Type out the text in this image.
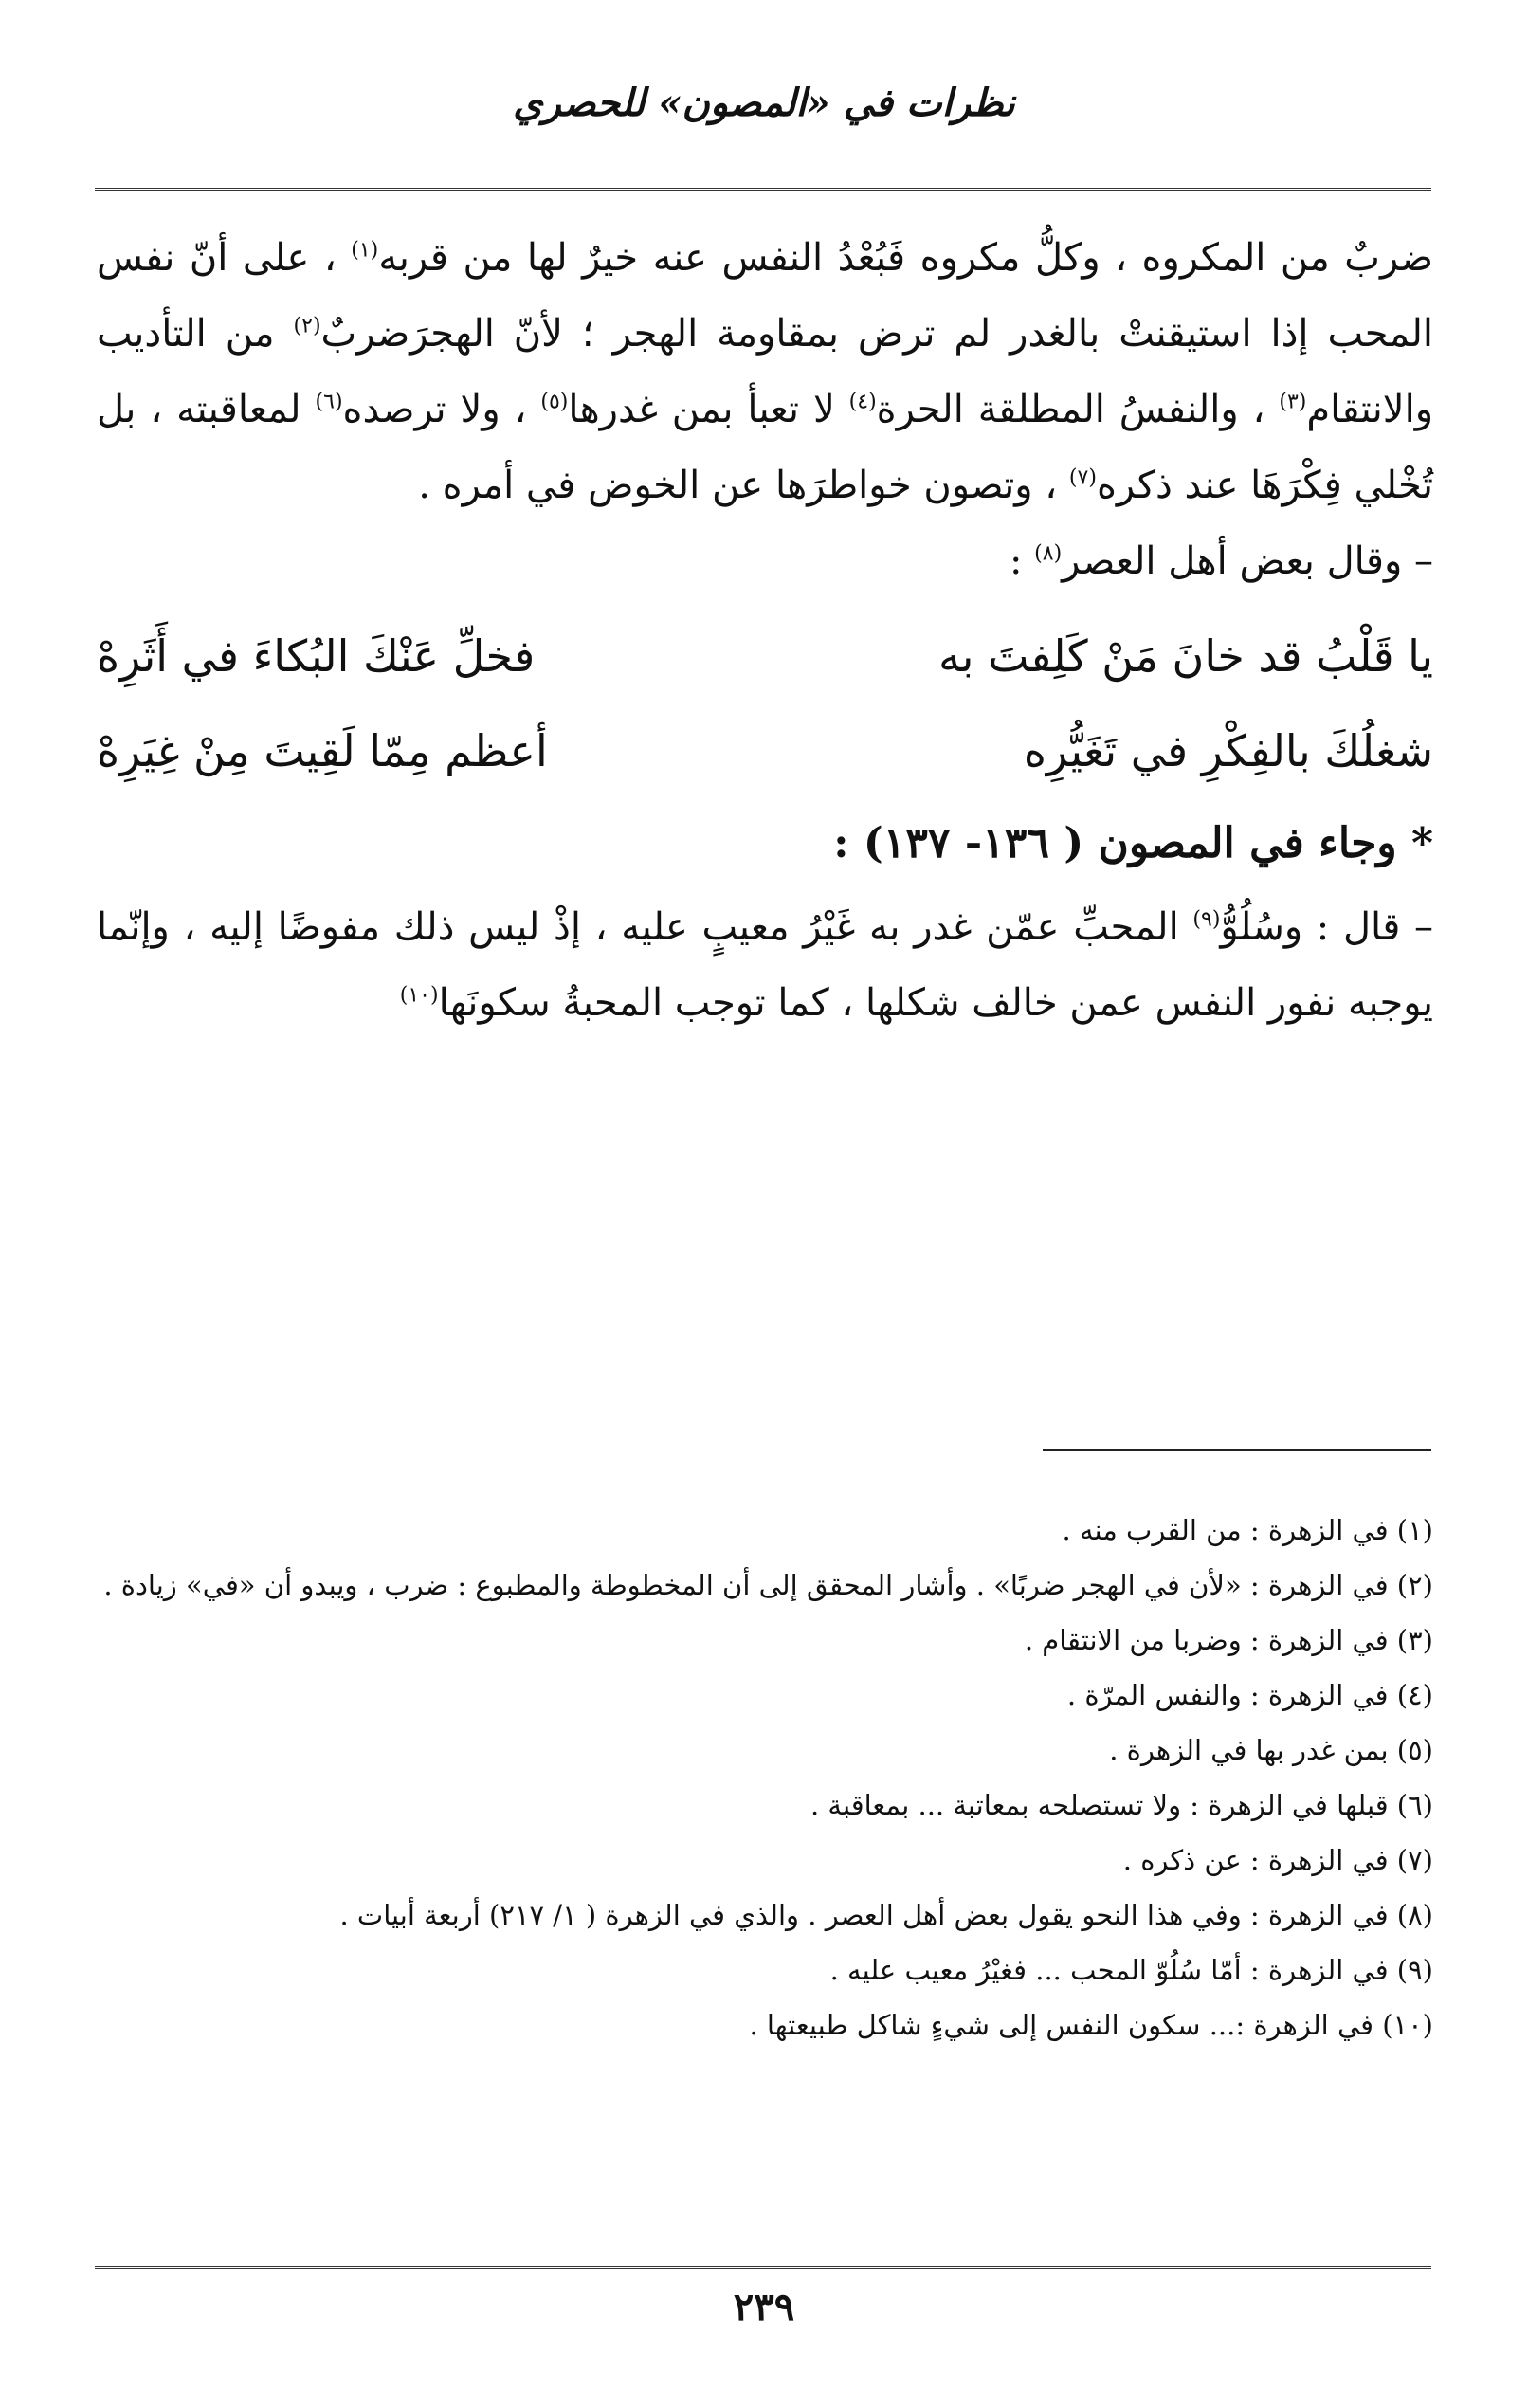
نظرات في «المصون» للحصري

ضربٌ من المكروه ، وكلُّ مكروه فَبُعْدُ النفس عنه خيرٌ لها من قربه$^{(١)}$ ، على أنّ نفس المحب إذا استيقنتْ بالغدر لم ترض بمقاومة الهجر ؛ لأنّ الهجرَضربٌ$^{(٢)}$ من التأديب والانتقام$^{(٣)}$ ، والنفسُ المطلقة الحرة$^{(٤)}$ لا تعبأ بمن غدرها$^{(٥)}$ ، ولا ترصده$^{(٦)}$ لمعاقبته ، بل تُخْلي فِكْرَهَا عند ذكره$^{(٧)}$ ، وتصون خواطرَها عن الخوض في أمره .

– وقال بعض أهل العصر$^{(٨)}$ :

يا قَلْبُ قد خانَ مَنْ كَلِفتَ به
فخلِّ عَنْكَ البُكاءَ في أَثَرِهْ
شغلُكَ بالفِكْرِ في تَغَيُّرِه
أعظم مِمّا لَقِيتَ مِنْ غِيَرِهْ

* وجاء في المصون ( ١٣٦- ١٣٧) :

– قال : وسُلُوُّ$^{(٩)}$ المحبِّ عمّن غدر به غَيْرُ معيبٍ عليه ، إذْ ليس ذلك مفوضًا إليه ، وإنّما يوجبه نفور النفس عمن خالف شكلها ، كما توجب المحبةُ سكونَها$^{(١٠)}$

(١) في الزهرة : من القرب منه .

(٢) في الزهرة : «لأن في الهجر ضربًا» . وأشار المحقق إلى أن المخطوطة والمطبوع : ضرب ، ويبدو أن «في» زيادة .

(٣) في الزهرة : وضربا من الانتقام .

(٤) في الزهرة : والنفس المرّة .

(٥) بمن غدر بها في الزهرة .

(٦) قبلها في الزهرة : ولا تستصلحه بمعاتبة ... بمعاقبة .

(٧) في الزهرة : عن ذكره .

(٨) في الزهرة : وفي هذا النحو يقول بعض أهل العصر . والذي في الزهرة ( ١/ ٢١٧) أربعة أبيات .

(٩) في الزهرة : أمّا سُلُوّ المحب ... فغيْرُ معيب عليه .

(١٠) في الزهرة :... سكون النفس إلى شيءٍ شاكل طبيعتها .

٢٣٩
